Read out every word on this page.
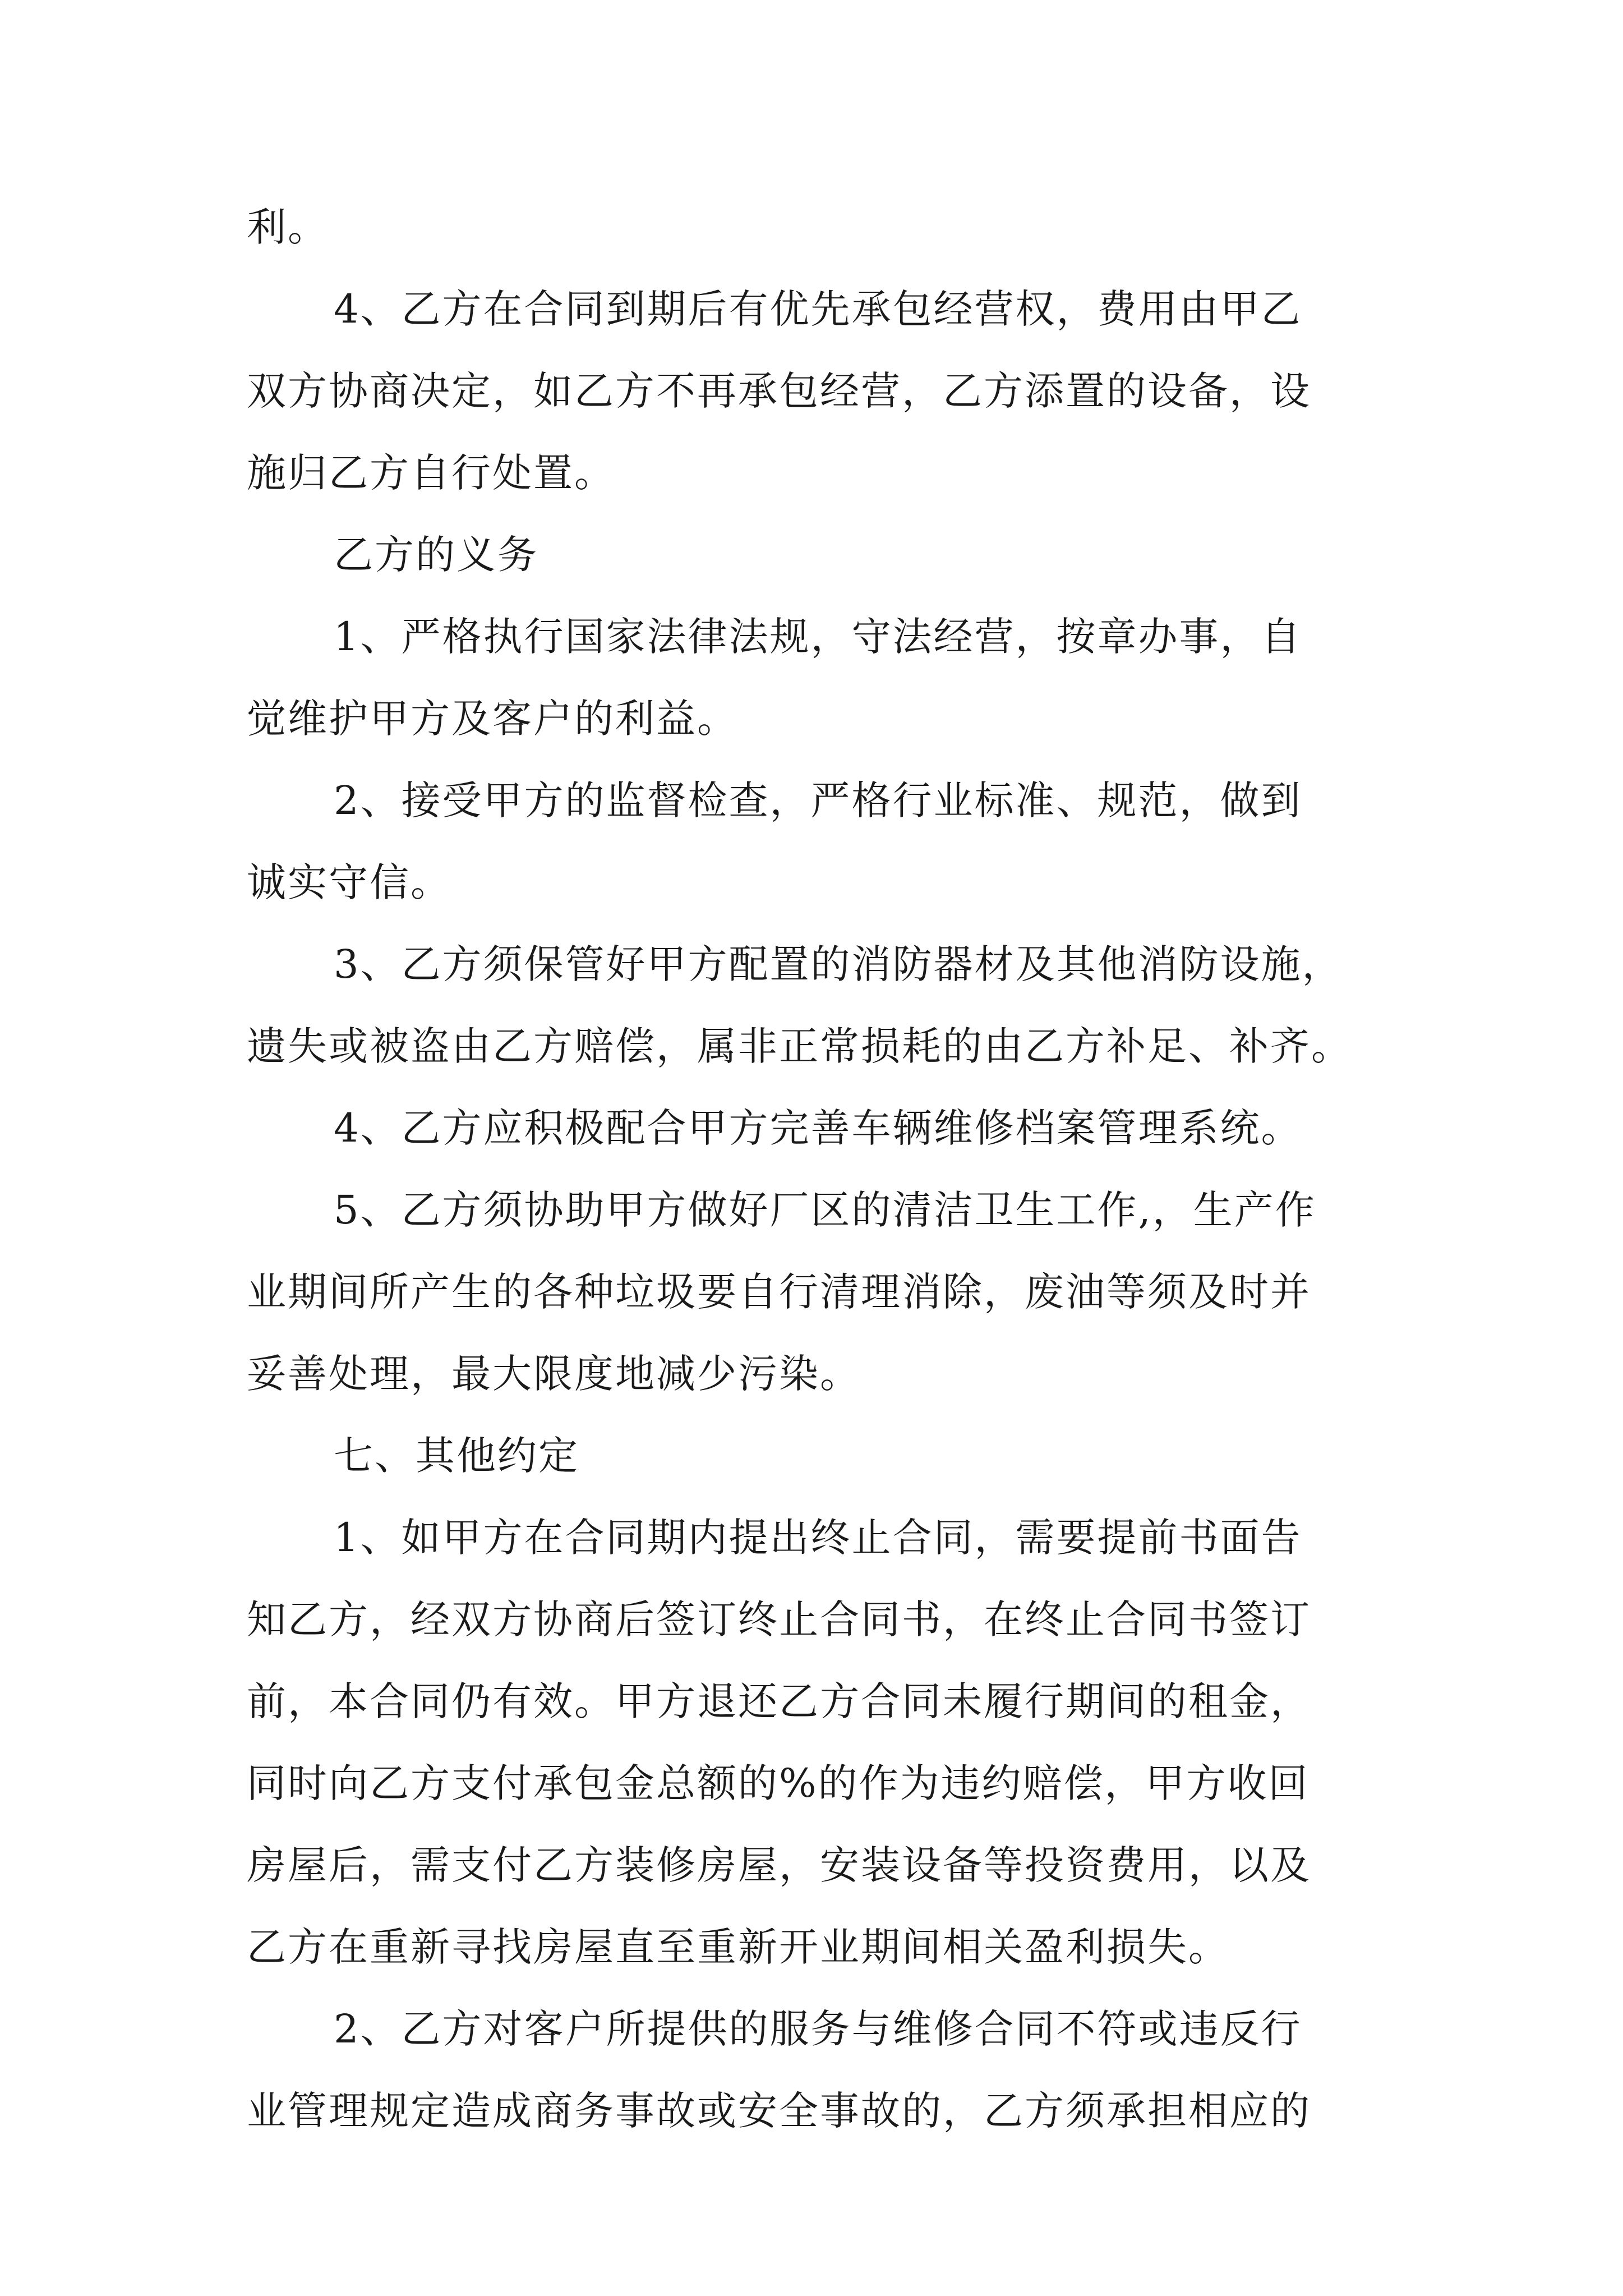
利。

4、乙方在合同到期后有优先承包经营权，费用由甲乙

双方协商决定，如乙方不再承包经营，乙方添置的设备，设

施归乙方自行处置。

乙方的义务

1、严格执行国家法律法规，守法经营，按章办事，自

觉维护甲方及客户的利益。

2、接受甲方的监督检查，严格行业标准、规范，做到

诚实守信。

3、乙方须保管好甲方配置的消防器材及其他消防设施，

遗失或被盗由乙方赔偿，属非正常损耗的由乙方补足、补齐。

4、乙方应积极配合甲方完善车辆维修档案管理系统。

5、乙方须协助甲方做好厂区的清洁卫生工作,，生产作

业期间所产生的各种垃圾要自行清理消除，废油等须及时并

妥善处理，最大限度地减少污染。

七、其他约定

1、如甲方在合同期内提出终止合同，需要提前书面告

知乙方，经双方协商后签订终止合同书，在终止合同书签订

前，本合同仍有效。甲方退还乙方合同未履行期间的租金，

同时向乙方支付承包金总额的%的作为违约赔偿，甲方收回

房屋后，需支付乙方装修房屋，安装设备等投资费用，以及

乙方在重新寻找房屋直至重新开业期间相关盈利损失。

2、乙方对客户所提供的服务与维修合同不符或违反行

业管理规定造成商务事故或安全事故的，乙方须承担相应的
